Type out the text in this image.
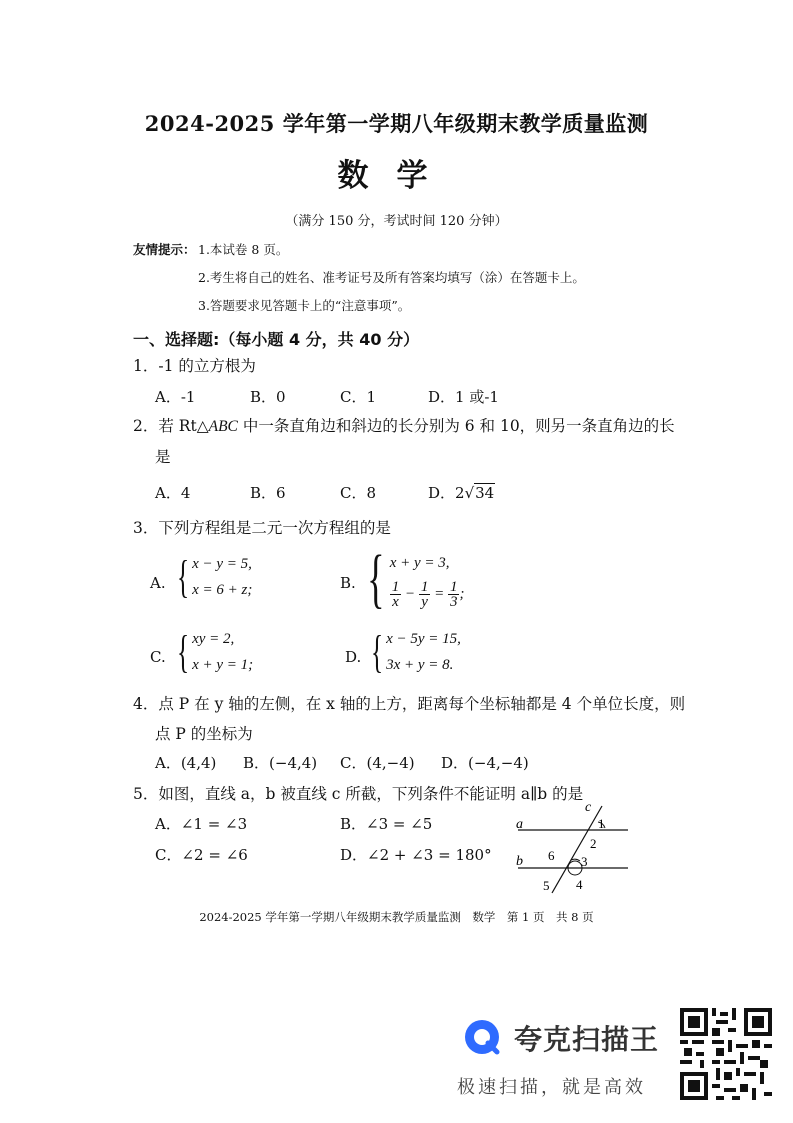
2024-2025 学年第一学期八年级期末教学质量监测
数学
（满分 150 分，考试时间 120 分钟）
友情提示： 1.本试卷 8 页。
2.考生将自己的姓名、准考证号及所有答案均填写（涂）在答题卡上。
3.答题要求见答题卡上的“注意事项”。
一、选择题:（每小题 4 分，共 40 分）
1．-1 的立方根为
A．-1	B．0	C．1	D．1 或-1
2．若 Rt△ABC 中一条直角边和斜边的长分别为 6 和 10，则另一条直角边的长
是
A．4	B．6	C．8	D．2√34
3．下列方程组是二元一次方程组的是
A. { x − y = 5,
x = 6 + z;	B. { x + y = 3,
$\frac{1}{x} - \frac{1}{y} = \frac{1}{3}$ ;
C. { xy = 2,
x + y = 1;	D. { x − 5y = 15,
3x + y = 8.
4．点 P 在 y 轴的左侧，在 x 轴的上方，距离每个坐标轴都是 4 个单位长度，则
点 P 的坐标为
A．(4,4) B．(−4,4) C．(4,−4) D．(−4,−4)
5．如图，直线 a，b 被直线 c 所截，下列条件不能证明 a∥b 的是
A．∠1 = ∠3	B．∠3 = ∠5
C．∠2 = ∠6	D．∠2 + ∠3 = 180°
a
b
c
1
2
3
4
5
6
2024-2025 学年第一学期八年级期末教学质量监测　数学　第 1 页　共 8 页
夸克扫描王
极速扫描，就是高效
